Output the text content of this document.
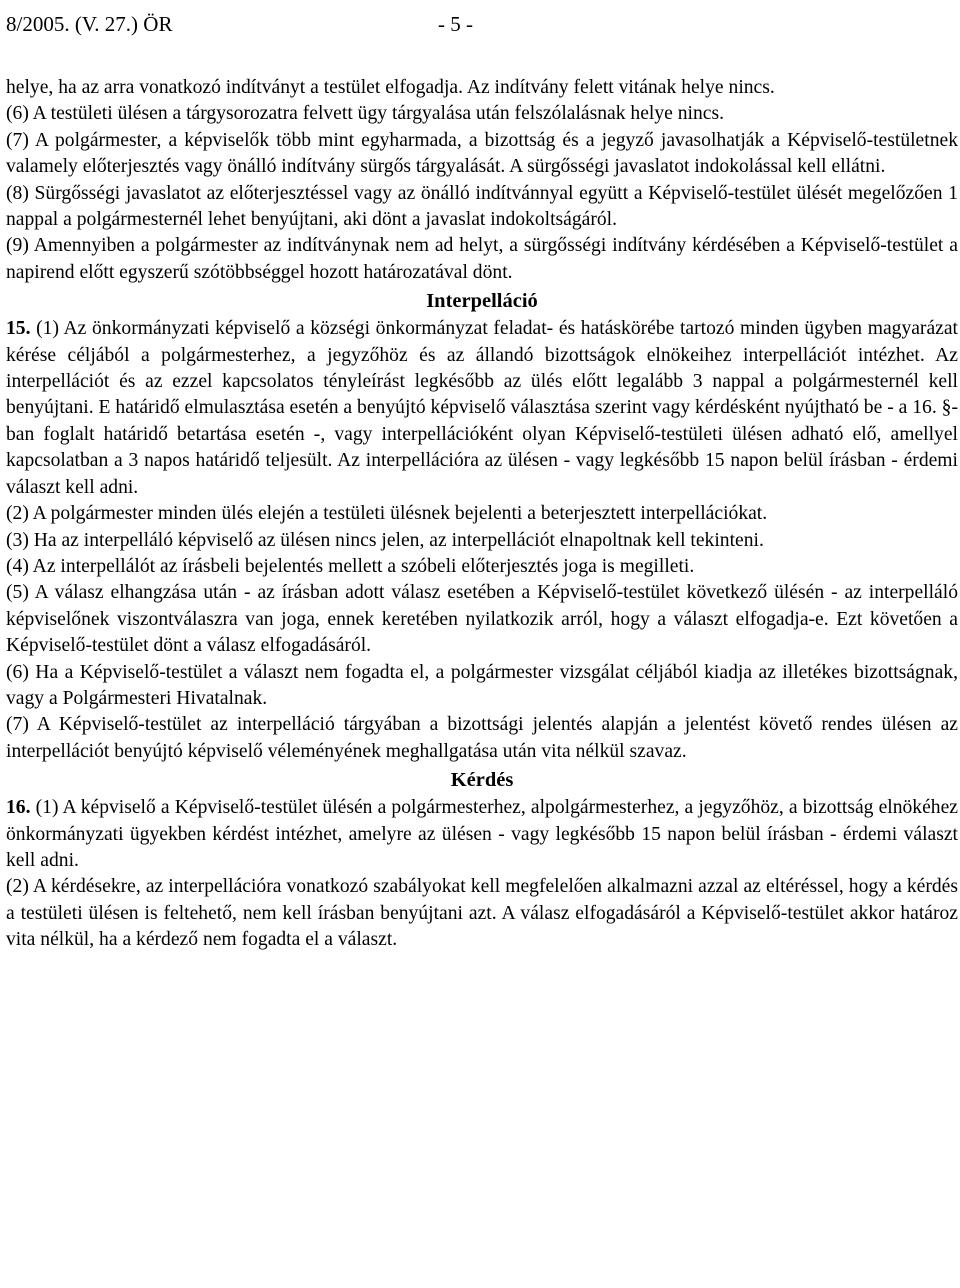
8/2005. (V. 27.) ÖR	- 5 -

helye, ha az arra vonatkozó indítványt a testület elfogadja. Az indítvány felett vitának helye nincs.

(6) A testületi ülésen a tárgysorozatra felvett ügy tárgyalása után felszólalásnak helye nincs.

(7) A polgármester, a képviselők több mint egyharmada, a bizottság és a jegyző javasolhatják a Képviselő-testületnek valamely előterjesztés vagy önálló indítvány sürgős tárgyalását. A sürgősségi javaslatot indokolással kell ellátni.

(8) Sürgősségi javaslatot az előterjesztéssel vagy az önálló indítvánnyal együtt a Képviselő-testület ülését megelőzően 1 nappal a polgármesternél lehet benyújtani, aki dönt a javaslat indokoltságáról.

(9) Amennyiben a polgármester az indítványnak nem ad helyt, a sürgősségi indítvány kérdésében a Képviselő-testület a napirend előtt egyszerű szótöbbséggel hozott határozatával dönt.

Interpelláció

15. (1) Az önkormányzati képviselő a községi önkormányzat feladat- és hatáskörébe tartozó minden ügyben magyarázat kérése céljából a polgármesterhez, a jegyzőhöz és az állandó bizottságok elnökeihez interpellációt intézhet. Az interpellációt és az ezzel kapcsolatos tényleírást legkésőbb az ülés előtt legalább 3 nappal a polgármesternél kell benyújtani. E határidő elmulasztása esetén a benyújtó képviselő választása szerint vagy kérdésként nyújtható be - a 16. §-ban foglalt határidő betartása esetén -, vagy interpellációként olyan Képviselő-testületi ülésen adható elő, amellyel kapcsolatban a 3 napos határidő teljesült. Az interpellációra az ülésen - vagy legkésőbb 15 napon belül írásban - érdemi választ kell adni.

(2) A polgármester minden ülés elején a testületi ülésnek bejelenti a beterjesztett interpellációkat.

(3) Ha az interpelláló képviselő az ülésen nincs jelen, az interpellációt elnapoltnak kell tekinteni.

(4) Az interpellálót az írásbeli bejelentés mellett a szóbeli előterjesztés joga is megilleti.

(5) A válasz elhangzása után - az írásban adott válasz esetében a Képviselő-testület következő ülésén - az interpelláló képviselőnek viszontválaszra van joga, ennek keretében nyilatkozik arról, hogy a választ elfogadja-e. Ezt követően a Képviselő-testület dönt a válasz elfogadásáról.

(6) Ha a Képviselő-testület a választ nem fogadta el, a polgármester vizsgálat céljából kiadja az illetékes bizottságnak, vagy a Polgármesteri Hivatalnak.

(7) A Képviselő-testület az interpelláció tárgyában a bizottsági jelentés alapján a jelentést követő rendes ülésen az interpellációt benyújtó képviselő véleményének meghallgatása után vita nélkül szavaz.

Kérdés

16. (1) A képviselő a Képviselő-testület ülésén a polgármesterhez, alpolgármesterhez, a jegyzőhöz, a bizottság elnökéhez önkormányzati ügyekben kérdést intézhet, amelyre az ülésen - vagy legkésőbb 15 napon belül írásban - érdemi választ kell adni.

(2) A kérdésekre, az interpellációra vonatkozó szabályokat kell megfelelően alkalmazni azzal az eltéréssel, hogy a kérdés a testületi ülésen is feltehető, nem kell írásban benyújtani azt. A válasz elfogadásáról a Képviselő-testület akkor határoz vita nélkül, ha a kérdező nem fogadta el a választ.
